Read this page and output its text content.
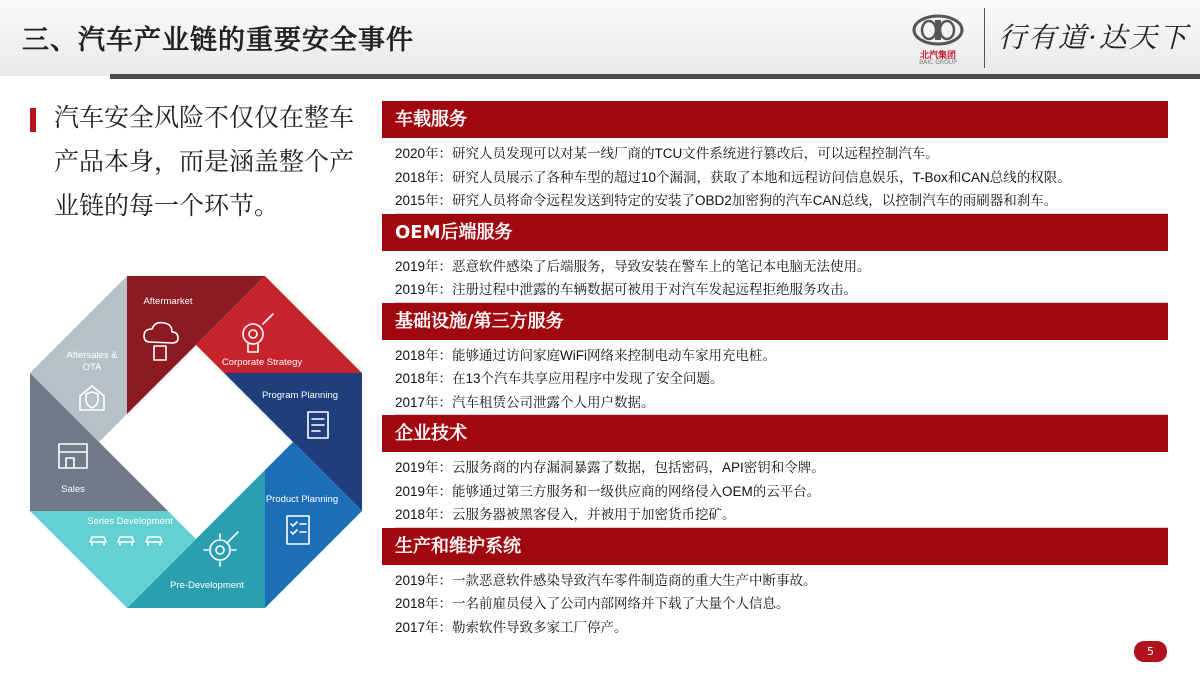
三、汽车产业链的重要安全事件	北汽集团
BAIC GROUP
行有道·达天下
汽车安全风险不仅仅在整车产品本身，而是涵盖整个产业链的每一个环节。
Aftermarket
Corporate Strategy
Program Planning
Product Planning
Pre-Development
Series Development
Sales
Aftersales &
OTA
车载服务
2020年：研究人员发现可以对某一线厂商的TCU文件系统进行篡改后，可以远程控制汽车。
2018年：研究人员展示了各种车型的超过10个漏洞，获取了本地和远程访问信息娱乐，T-Box和CAN总线的权限。
2015年：研究人员将命令远程发送到特定的安装了OBD2加密狗的汽车CAN总线，以控制汽车的雨刷器和刹车。
OEM后端服务
2019年：恶意软件感染了后端服务，导致安装在警车上的笔记本电脑无法使用。
2019年：注册过程中泄露的车辆数据可被用于对汽车发起远程拒绝服务攻击。
基础设施/第三方服务
2018年：能够通过访问家庭WiFi网络来控制电动车家用充电桩。
2018年：在13个汽车共享应用程序中发现了安全问题。
2017年：汽车租赁公司泄露个人用户数据。
企业技术
2019年：云服务商的内存漏洞暴露了数据，包括密码，API密钥和令牌。
2019年：能够通过第三方服务和一级供应商的网络侵入OEM的云平台。
2018年：云服务器被黑客侵入，并被用于加密货币挖矿。
生产和维护系统
2019年：一款恶意软件感染导致汽车零件制造商的重大生产中断事故。
2018年：一名前雇员侵入了公司内部网络并下载了大量个人信息。
2017年：勒索软件导致多家工厂停产。
5
